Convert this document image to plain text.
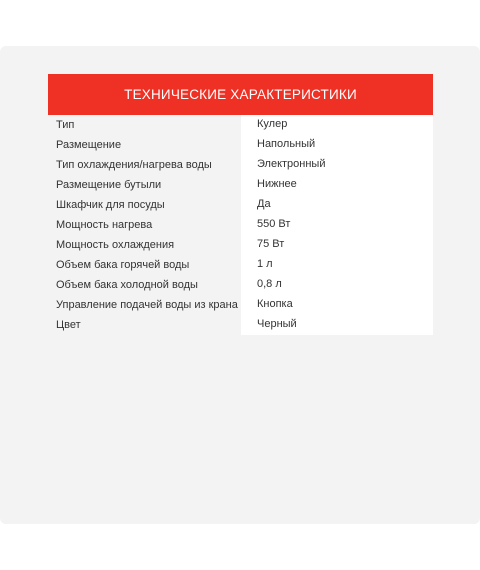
ТЕХНИЧЕСКИЕ ХАРАКТЕРИСТИКИ
Тип	Кулер
Размещение	Напольный
Тип охлаждения/нагрева воды	Электронный
Размещение бутыли	Нижнее
Шкафчик для посуды	Да
Мощность нагрева	550 Вт
Мощность охлаждения	75 Вт
Объем бака горячей воды	1 л
Объем бака холодной воды	0,8 л
Управление подачей воды из крана	Кнопка
Цвет	Черный
